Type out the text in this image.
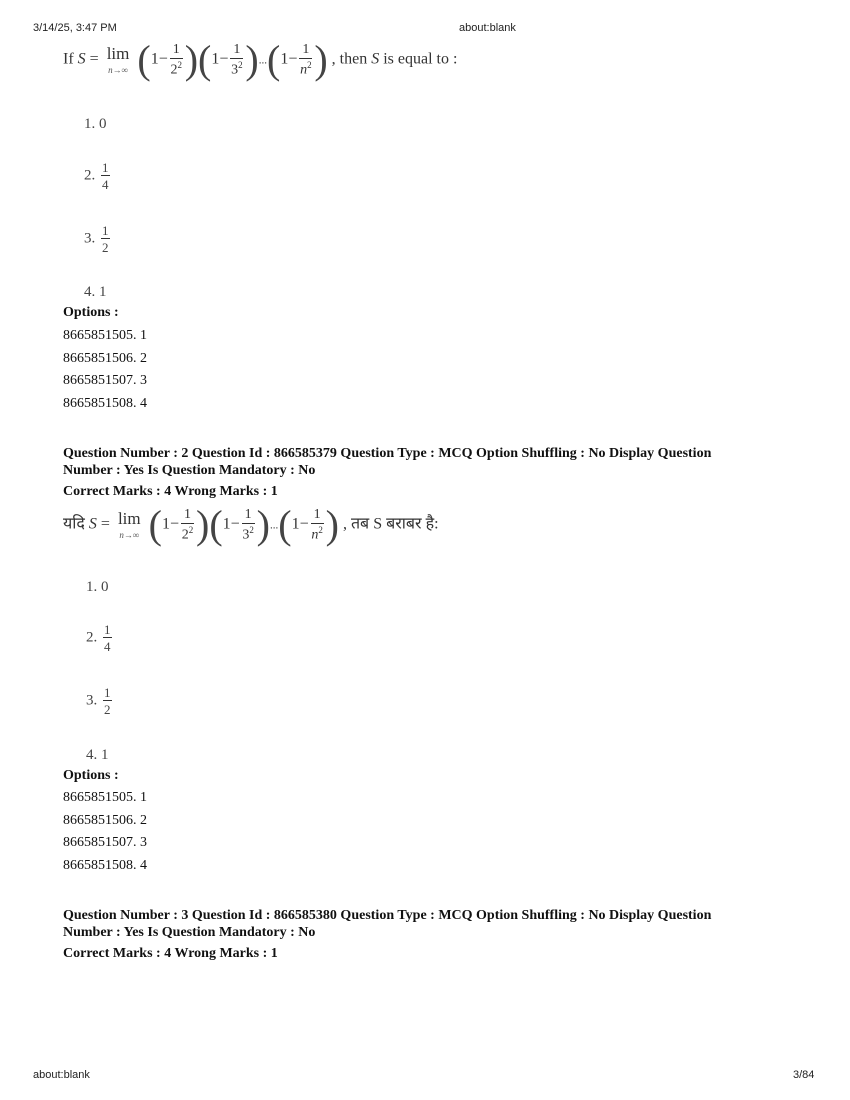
3/14/25, 3:47 PM	about:blank
If S = lim
n→∞ $(1- \frac{1}{2^2} )(1- \frac{1}{3^2} )...(1- \frac{1}{n^2}$ ) , then S is equal to :
1. 0
2. $\frac{1}{4}$
3. $\frac{1}{2}$
4. 1
Options :
8665851505. 1
8665851506. 2
8665851507. 3
8665851508. 4
Question Number : 2 Question Id : 866585379 Question Type : MCQ Option Shuffling : No Display Question
Number : Yes Is Question Mandatory : No
Correct Marks : 4 Wrong Marks : 1
यदि S = lim
n→∞ $(1- \frac{1}{2^2} )(1- \frac{1}{3^2} )...(1- \frac{1}{n^2}$ ) , तब S बराबर है:
1. 0
2. $\frac{1}{4}$
3. $\frac{1}{2}$
4. 1
Options :
8665851505. 1
8665851506. 2
8665851507. 3
8665851508. 4
Question Number : 3 Question Id : 866585380 Question Type : MCQ Option Shuffling : No Display Question
Number : Yes Is Question Mandatory : No
Correct Marks : 4 Wrong Marks : 1
about:blank	3/84
